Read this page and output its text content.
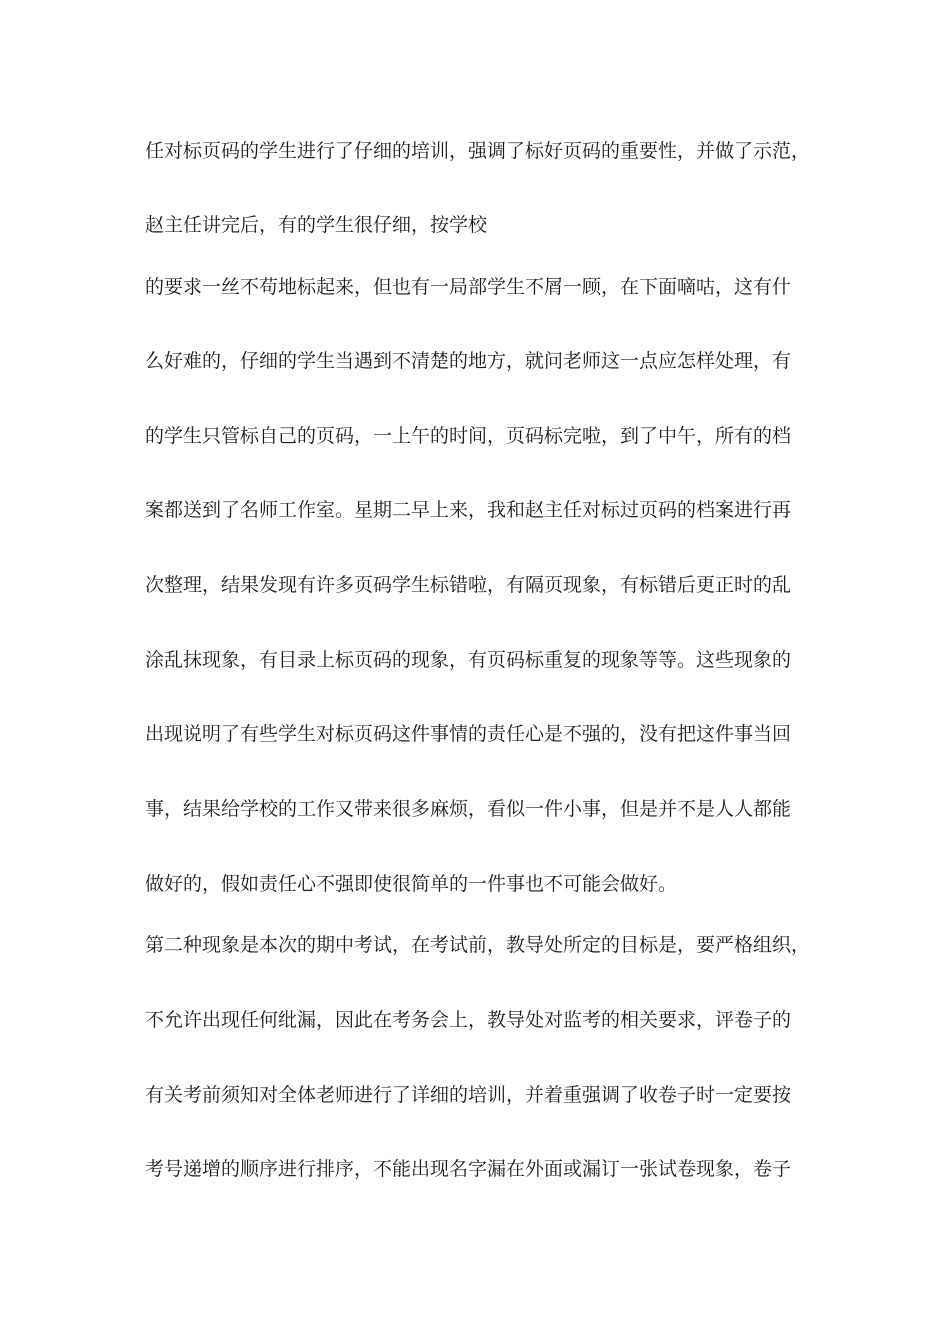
任对标页码的学生进行了仔细的培训，强调了标好页码的重要性，并做了示范，
赵主任讲完后，有的学生很仔细，按学校
的要求一丝不苟地标起来，但也有一局部学生不屑一顾，在下面嘀咕，这有什
么好难的，仔细的学生当遇到不清楚的地方，就问老师这一点应怎样处理，有
的学生只管标自己的页码，一上午的时间，页码标完啦，到了中午，所有的档
案都送到了名师工作室。星期二早上来，我和赵主任对标过页码的档案进行再
次整理，结果发现有许多页码学生标错啦，有隔页现象，有标错后更正时的乱
涂乱抹现象，有目录上标页码的现象，有页码标重复的现象等等。这些现象的
出现说明了有些学生对标页码这件事情的责任心是不强的，没有把这件事当回
事，结果给学校的工作又带来很多麻烦，看似一件小事，但是并不是人人都能
做好的，假如责任心不强即使很简单的一件事也不可能会做好。
第二种现象是本次的期中考试，在考试前，教导处所定的目标是，要严格组织，
不允许出现任何纰漏，因此在考务会上，教导处对监考的相关要求，评卷子的
有关考前须知对全体老师进行了详细的培训，并着重强调了收卷子时一定要按
考号递增的顺序进行排序，不能出现名字漏在外面或漏订一张试卷现象，卷子
